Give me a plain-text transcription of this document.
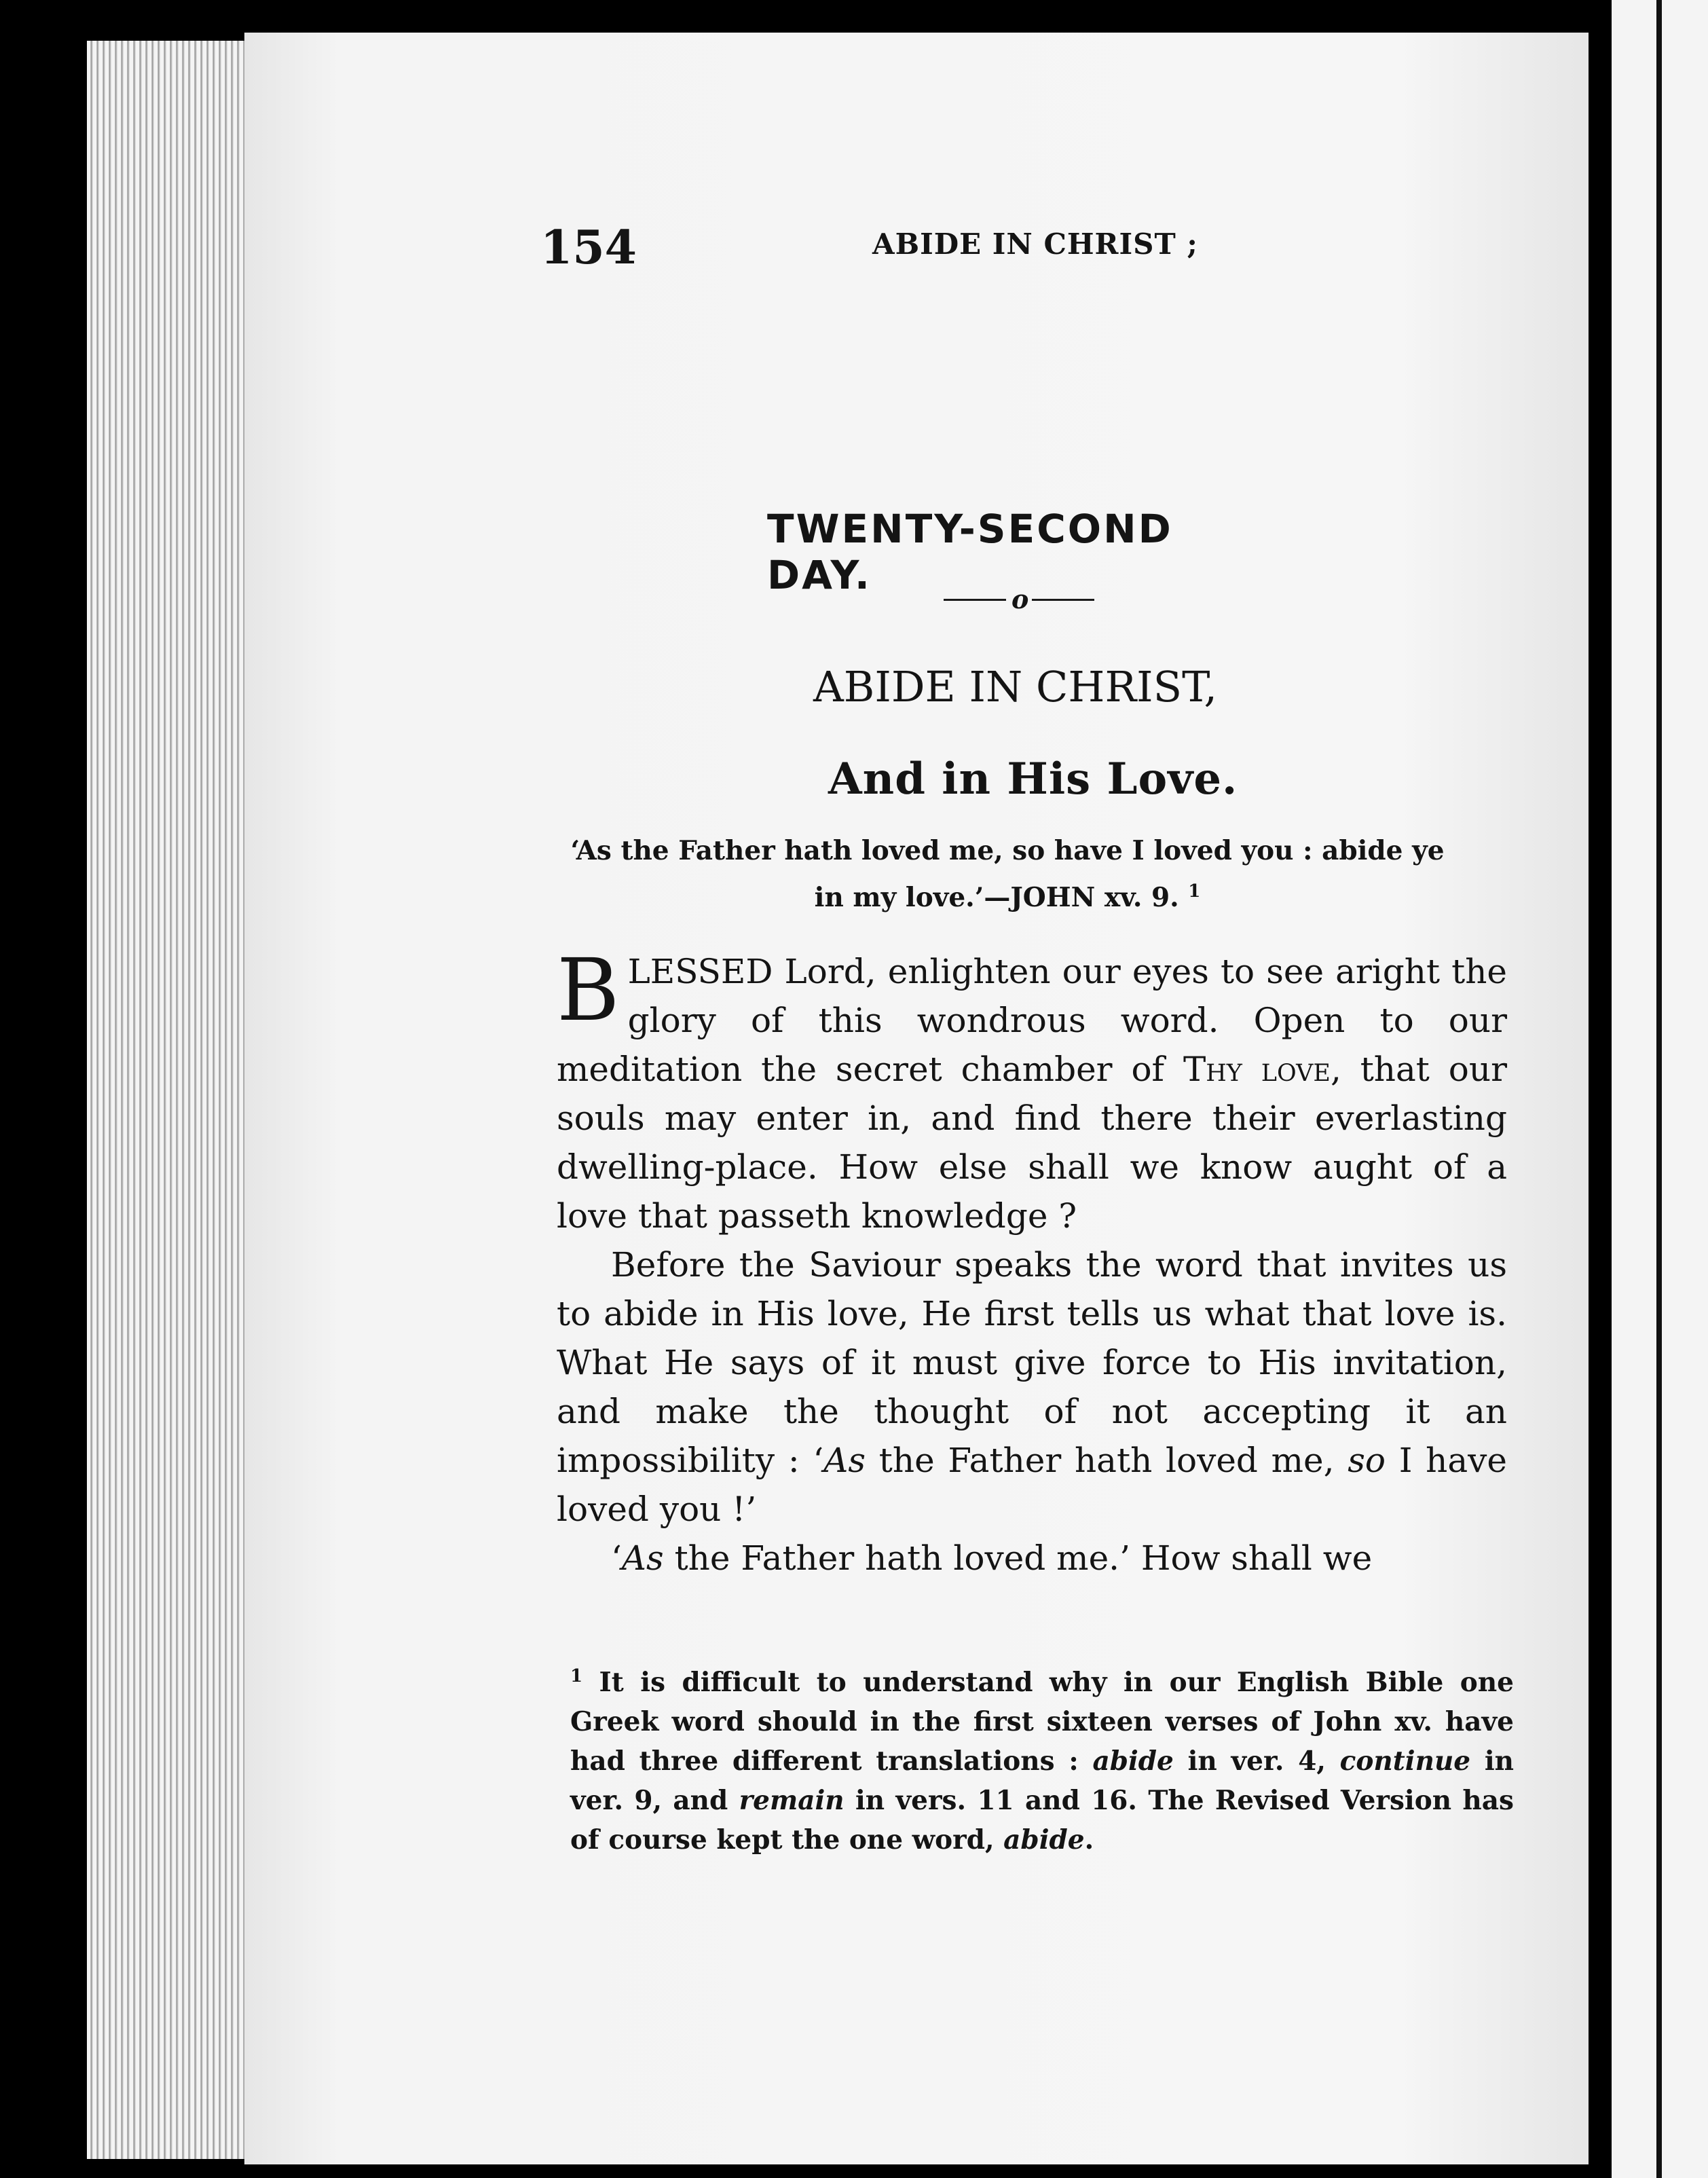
154	ABIDE IN CHRIST ;
TWENTY-SECOND DAY.
o
ABIDE IN CHRIST,
And in His Love.
‘As the Father hath loved me, so have I loved you : abide ye in my love.’—JOHN xv. 9. $^1$

BLESSED Lord, enlighten our eyes to see aright the glory of this wondrous word. Open to our meditation the secret chamber of Thy love, that our souls may enter in, and find there their everlasting dwelling-place. How else shall we know aught of a love that passeth knowledge ?

Before the Saviour speaks the word that invites us to abide in His love, He first tells us what that love is. What He says of it must give force to His invitation, and make the thought of not accepting it an impossibility : ‘As the Father hath loved me, so I have loved you !’

‘As the Father hath loved me.’ How shall we

$^1$ It is difficult to understand why in our English Bible one Greek word should in the first sixteen verses of John xv. have had three different translations : abide in ver. 4, continue in ver. 9, and remain in vers. 11 and 16. The Revised Version has of course kept the one word, abide.
